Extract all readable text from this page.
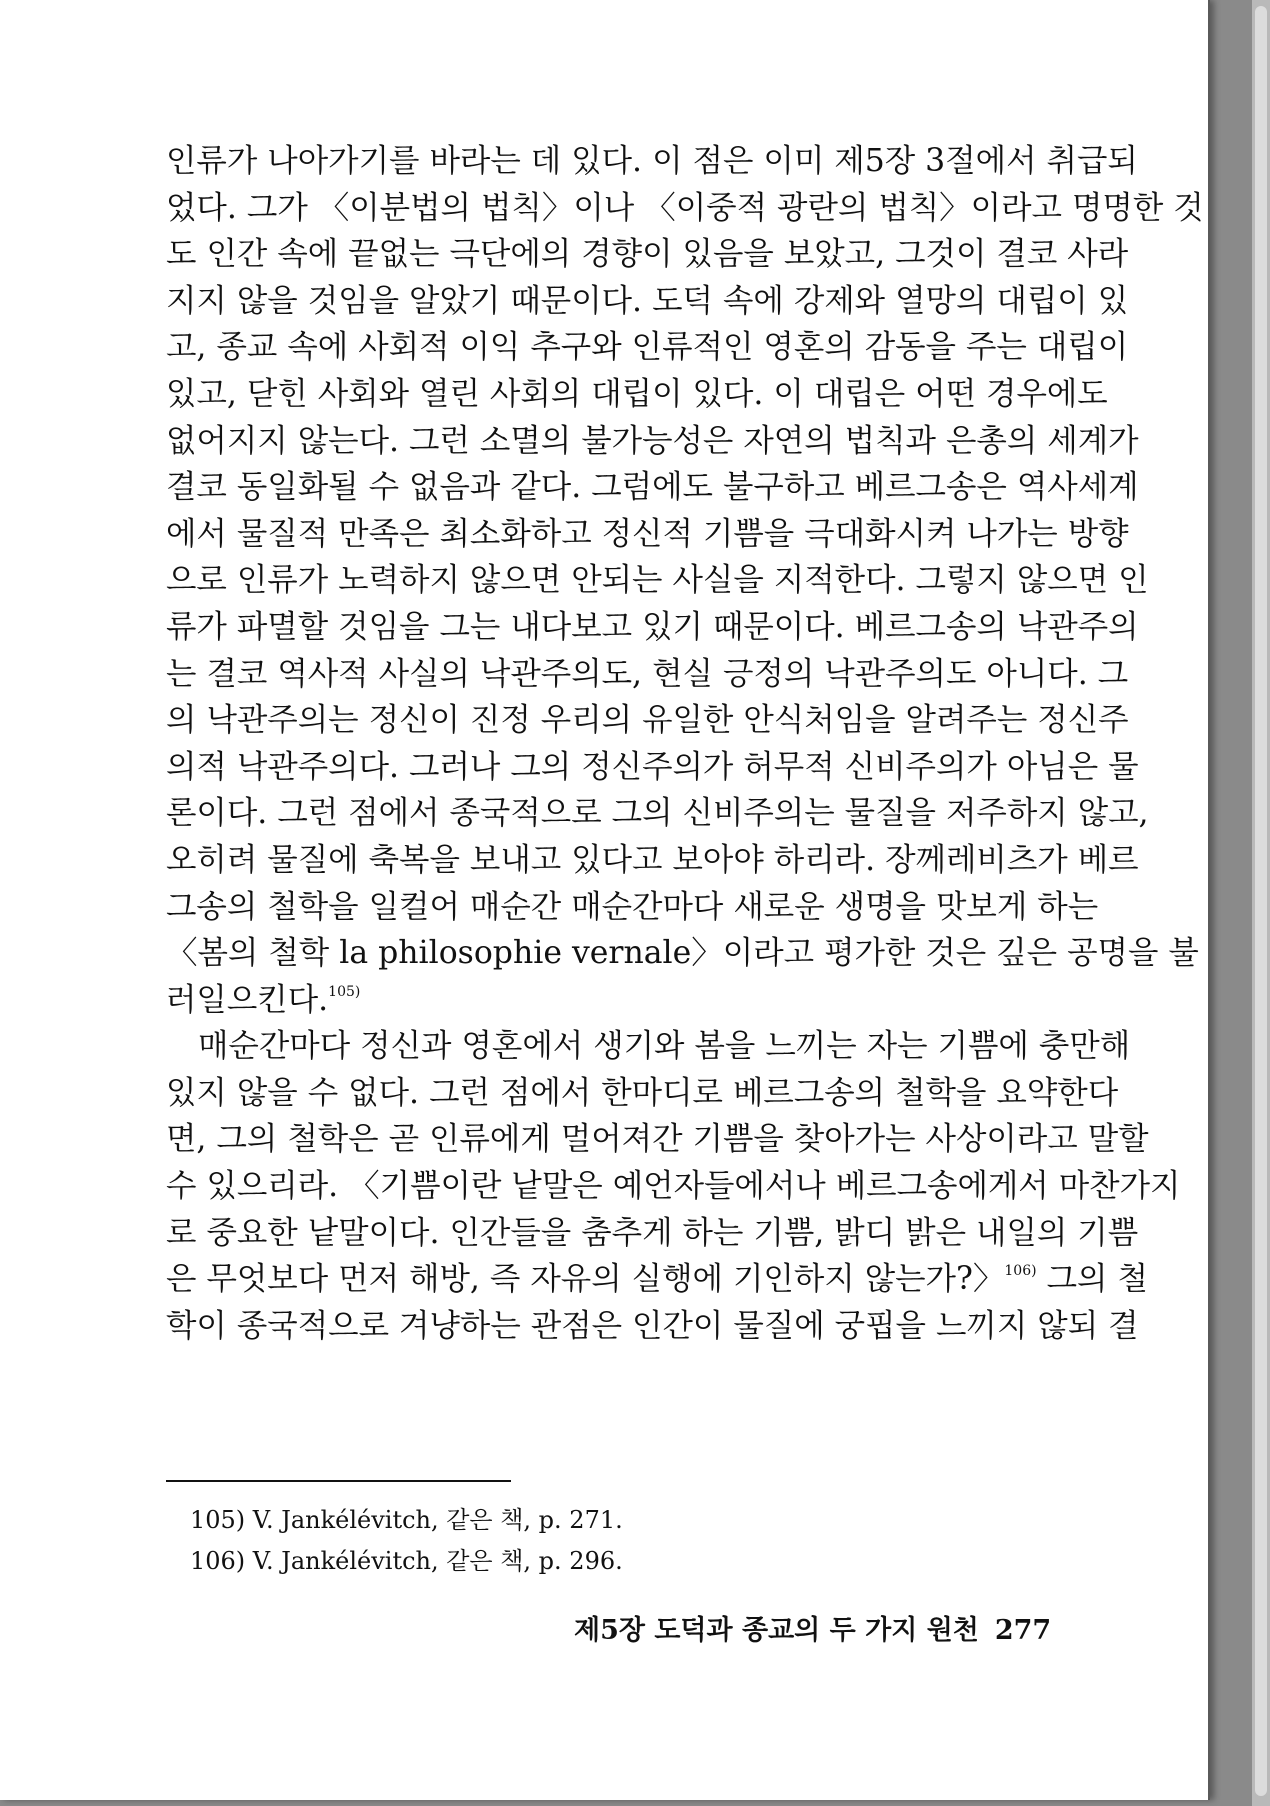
인류가 나아가기를 바라는 데 있다. 이 점은 이미 제5장 3절에서 취급되
었다. 그가 〈이분법의 법칙〉이나 〈이중적 광란의 법칙〉이라고 명명한 것
도 인간 속에 끝없는 극단에의 경향이 있음을 보았고, 그것이 결코 사라
지지 않을 것임을 알았기 때문이다. 도덕 속에 강제와 열망의 대립이 있
고, 종교 속에 사회적 이익 추구와 인류적인 영혼의 감동을 주는 대립이
있고, 닫힌 사회와 열린 사회의 대립이 있다. 이 대립은 어떤 경우에도
없어지지 않는다. 그런 소멸의 불가능성은 자연의 법칙과 은총의 세계가
결코 동일화될 수 없음과 같다. 그럼에도 불구하고 베르그송은 역사세계
에서 물질적 만족은 최소화하고 정신적 기쁨을 극대화시켜 나가는 방향
으로 인류가 노력하지 않으면 안되는 사실을 지적한다. 그렇지 않으면 인
류가 파멸할 것임을 그는 내다보고 있기 때문이다. 베르그송의 낙관주의
는 결코 역사적 사실의 낙관주의도, 현실 긍정의 낙관주의도 아니다. 그
의 낙관주의는 정신이 진정 우리의 유일한 안식처임을 알려주는 정신주
의적 낙관주의다. 그러나 그의 정신주의가 허무적 신비주의가 아님은 물
론이다. 그런 점에서 종국적으로 그의 신비주의는 물질을 저주하지 않고,
오히려 물질에 축복을 보내고 있다고 보아야 하리라. 장께레비츠가 베르
그송의 철학을 일컬어 매순간 매순간마다 새로운 생명을 맛보게 하는
〈봄의 철학 la philosophie vernale〉이라고 평가한 것은 깊은 공명을 불
러일으킨다.$^{105)}$
매순간마다 정신과 영혼에서 생기와 봄을 느끼는 자는 기쁨에 충만해
있지 않을 수 없다. 그런 점에서 한마디로 베르그송의 철학을 요약한다
면, 그의 철학은 곧 인류에게 멀어져간 기쁨을 찾아가는 사상이라고 말할
수 있으리라. 〈기쁨이란 낱말은 예언자들에서나 베르그송에게서 마찬가지
로 중요한 낱말이다. 인간들을 춤추게 하는 기쁨, 밝디 밝은 내일의 기쁨
은 무엇보다 먼저 해방, 즉 자유의 실행에 기인하지 않는가?〉$^{106)}$ 그의 철
학이 종국적으로 겨냥하는 관점은 인간이 물질에 궁핍을 느끼지 않되 결
105) V. Jankélévitch, 같은 책, p. 271.
106) V. Jankélévitch, 같은 책, p. 296.
제5장 도덕과 종교의 두 가지 원천 277
